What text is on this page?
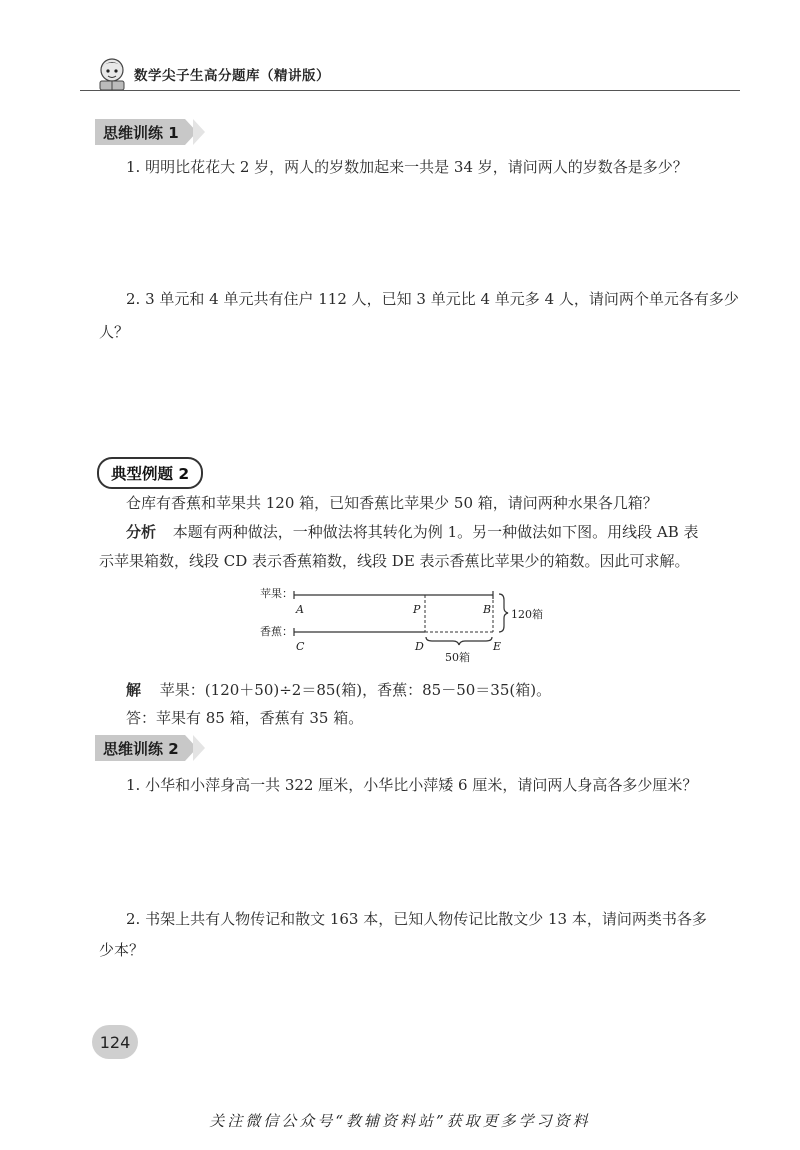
数学尖子生高分题库（精讲版）
思维训练 1
1. 明明比花花大 2 岁，两人的岁数加起来一共是 34 岁，请问两人的岁数各是多少？
2. 3 单元和 4 单元共有住户 112 人，已知 3 单元比 4 单元多 4 人，请问两个单元各有多少
人？
典型例题 2
仓库有香蕉和苹果共 120 箱，已知香蕉比苹果少 50 箱，请问两种水果各几箱？
分析 本题有两种做法，一种做法将其转化为例 1。另一种做法如下图。用线段 AB 表
示苹果箱数，线段 CD 表示香蕉箱数，线段 DE 表示香蕉比苹果少的箱数。因此可求解。
苹果：
香蕉：
A	P	B
C	D	E
120箱
50箱
解 苹果：(120＋50)÷2＝85(箱)，香蕉：85－50＝35(箱)。
答：苹果有 85 箱，香蕉有 35 箱。
思维训练 2
1. 小华和小萍身高一共 322 厘米，小华比小萍矮 6 厘米，请问两人身高各多少厘米？
2. 书架上共有人物传记和散文 163 本，已知人物传记比散文少 13 本，请问两类书各多
少本？
124
关注微信公众号“教辅资料站”获取更多学习资料
